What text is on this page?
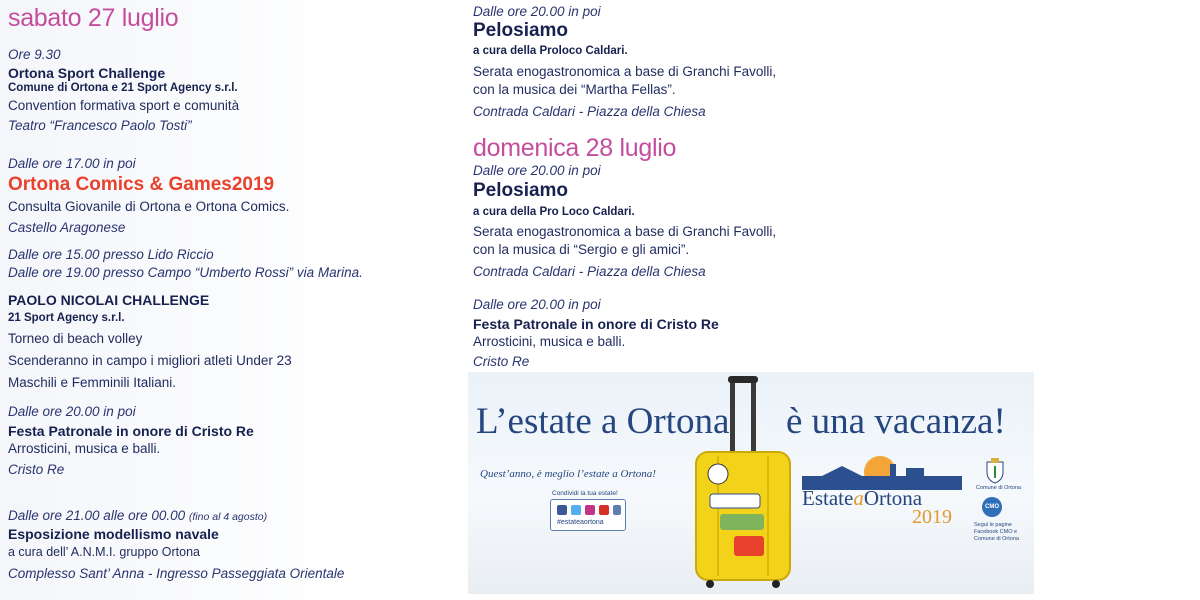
sabato 27 luglio
Ore 9.30
Ortona Sport Challenge
Comune di Ortona e 21 Sport Agency s.r.l.
Convention formativa sport e comunità
Teatro “Francesco Paolo Tosti”
Dalle ore 17.00 in poi
Ortona Comics & Games2019
Consulta Giovanile di Ortona e Ortona Comics.
Castello Aragonese
Dalle ore 15.00 presso Lido Riccio
Dalle ore 19.00 presso Campo “Umberto Rossi” via Marina.
PAOLO NICOLAI CHALLENGE
21 Sport Agency s.r.l.
Torneo di beach volley
Scenderanno in campo i migliori atleti Under 23
Maschili e Femminili Italiani.
Dalle ore 20.00 in poi
Festa Patronale in onore di Cristo Re
Arrosticini, musica e balli.
Cristo Re
Dalle ore 21.00 alle ore 00.00 (fino al 4 agosto)
Esposizione modellismo navale
a cura dell’ A.N.M.I. gruppo Ortona
Complesso Sant’ Anna - Ingresso Passeggiata Orientale
Dalle ore 20.00 in poi
Pelosiamo
a cura della Proloco Caldari.
Serata enogastronomica a base di Granchi Favolli,
con la musica dei “Martha Fellas”.
Contrada Caldari - Piazza della Chiesa
domenica 28 luglio
Dalle ore 20.00 in poi
Pelosiamo
a cura della Pro Loco Caldari.
Serata enogastronomica a base di Granchi Favolli,
con la musica di “Sergio e gli amici”.
Contrada Caldari - Piazza della Chiesa
Dalle ore 20.00 in poi
Festa Patronale in onore di Cristo Re
Arrosticini, musica e balli.
Cristo Re
L’estate a Ortona è una vacanza!
Quest’anno, è meglio l’estate a Ortona!
Condividi la tua estate!
#estateaortona
EstateaOrtona
2019
Comune di Ortona
CMO
Segui le pagine Facebook CMO e Comune di Ortona
